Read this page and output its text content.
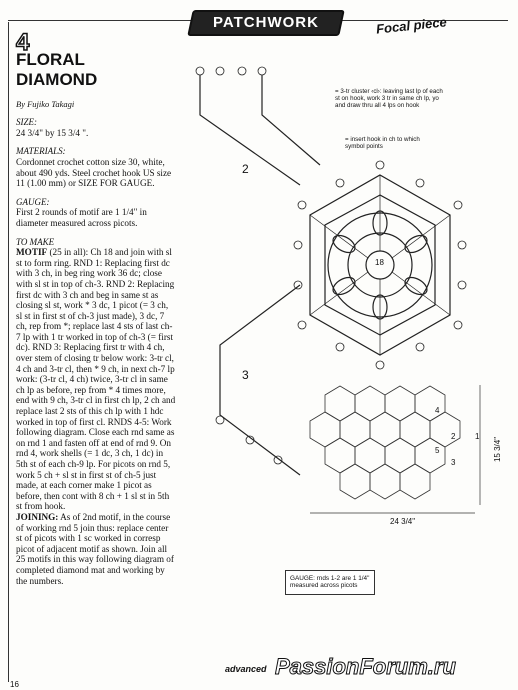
PATCHWORK	Focal piece
4
FLORAL
DIAMOND
By Fujiko Takagi
SIZE:

24 3/4" by 15 3/4 ".

MATERIALS:

Cordonnet crochet cotton size 30, white, about 490 yds. Steel crochet hook US size 11 (1.00 mm) or SIZE FOR GAUGE.

GAUGE:

First 2 rounds of motif are 1 1/4" in diameter measured across picots.

TO MAKE

MOTIF (25 in all): Ch 18 and join with sl st to form ring. RND 1: Replacing first dc with 3 ch, in beg ring work 36 dc; close with sl st in top of ch-3. RND 2: Replacing first dc with 3 ch and beg in same st as closing sl st, work * 3 dc, 1 picot (= 3 ch, sl st in first st of ch-3 just made), 3 dc, 7 ch, rep from *; replace last 4 sts of last ch-7 lp with 1 tr worked in top of ch-3 (= first dc). RND 3: Replacing first tr with 4 ch, over stem of closing tr below work: 3-tr cl, 4 ch and 3-tr cl, then * 9 ch, in next ch-7 lp work: (3-tr cl, 4 ch) twice, 3-tr cl in same ch lp as before, rep from * 4 times more, end with 9 ch, 3-tr cl in first ch lp, 2 ch and replace last 2 sts of this ch lp with 1 hdc worked in top of first cl. RNDS 4-5: Work following diagram. Close each rnd same as on rnd 1 and fasten off at end of rnd 9. On rnd 4, work shells (= 1 dc, 3 ch, 1 dc) in 5th st of each ch-9 lp. For picots on rnd 5, work 5 ch + sl st in first st of ch-5 just made, at each corner make 1 picot as before, then cont with 8 ch + 1 sl st in 5th st from hook.

JOINING: As of 2nd motif, in the course of working rnd 5 join thus: replace center st of picots with 1 sc worked in corresp picot of adjacent motif as shown. Join all 25 motifs in this way following diagram of completed diamond mat and working by the numbers.

= 3-tr cluster ‹cl›: leaving last lp of each st on hook, work 3 tr in same ch lp, yo and draw thru all 4 lps on hook
= insert hook in ch to which symbol points
18
2
3
1
2
3
4
5
24 3/4"
15 3/4"
GAUGE: rnds 1-2 are 1 1/4" measured across picots
advanced PassionForum.ru
16
